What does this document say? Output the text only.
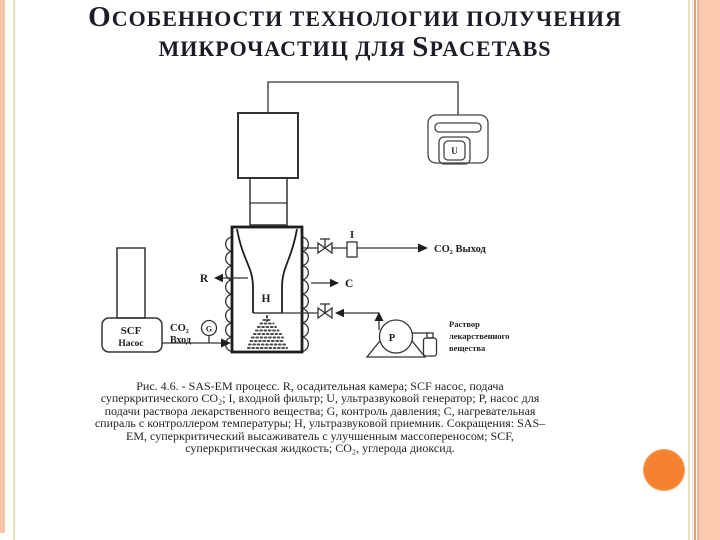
ОСОБЕННОСТИ ТЕХНОЛОГИИ ПОЛУЧЕНИЯ
МИКРОЧАСТИЦ ДЛЯ SPACETABS
R
H
C
I
U
G
P
SCF
Насос
CO₂
Вход
CO₂ Выход
Раствор
лекарственного
вещества
Рис. 4.6. - SAS-EM процесс. R, осадительная камера; SCF насос, подача
суперкритического CO₂; I, входной фильтр; U, ультразвуковой генератор; P, насос для
подачи раствора лекарственного вещества; G, контроль давления; C, нагревательная
спираль с контроллером температуры; H, ультразвуковой приемник. Сокращения: SAS–
EM, суперкритический высаживатель с улучшенным массопереносом; SCF,
суперкритическая жидкость; CO₂, углерода диоксид.
